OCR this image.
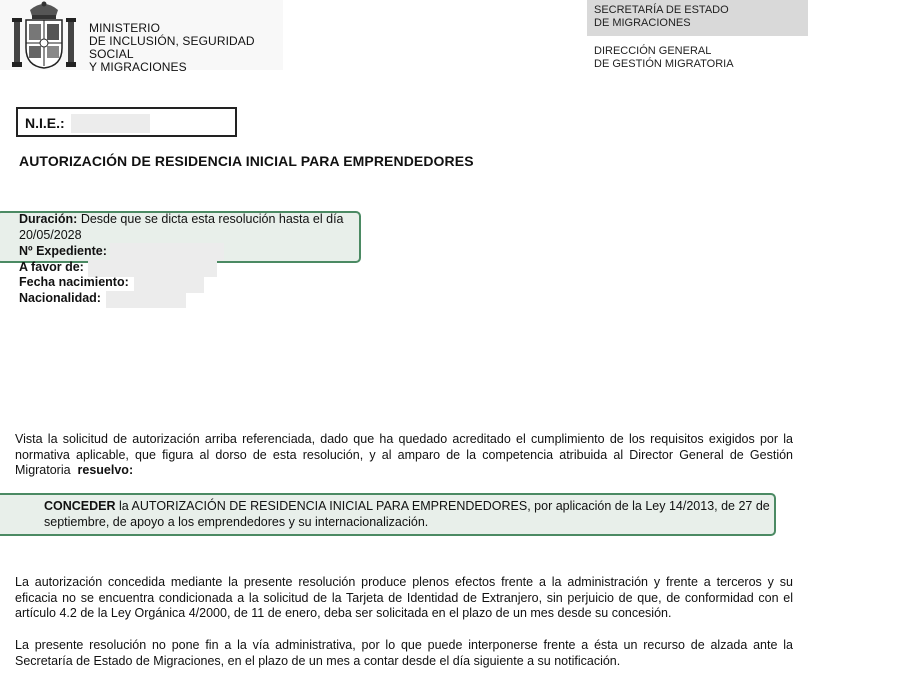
MINISTERIO
DE INCLUSIÓN, SEGURIDAD SOCIAL
Y MIGRACIONES
SECRETARÍA DE ESTADO
DE MIGRACIONES
DIRECCIÓN GENERAL
DE GESTIÓN MIGRATORIA
N.I.E.:
AUTORIZACIÓN DE RESIDENCIA INICIAL PARA EMPRENDEDORES
Duración: Desde que se dicta esta resolución hasta el día
20/05/2028
Nº Expediente:
A favor de:
Fecha nacimiento:
Nacionalidad:
Vista la solicitud de autorización arriba referenciada, dado que ha quedado acreditado el cumplimiento de los requisitos exigidos por la normativa aplicable, que figura al dorso de esta resolución, y al amparo de la competencia atribuida al Director General de Gestión Migratoria resuelvo:
CONCEDER la AUTORIZACIÓN DE RESIDENCIA INICIAL PARA EMPRENDEDORES, por aplicación de la Ley 14/2013, de 27 de septiembre, de apoyo a los emprendedores y su internacionalización.
La autorización concedida mediante la presente resolución produce plenos efectos frente a la administración y frente a terceros y su eficacia no se encuentra condicionada a la solicitud de la Tarjeta de Identidad de Extranjero, sin perjuicio de que, de conformidad con el artículo 4.2 de la Ley Orgánica 4/2000, de 11 de enero, deba ser solicitada en el plazo de un mes desde su concesión.
La presente resolución no pone fin a la vía administrativa, por lo que puede interponerse frente a ésta un recurso de alzada ante la Secretaría de Estado de Migraciones, en el plazo de un mes a contar desde el día siguiente a su notificación.
